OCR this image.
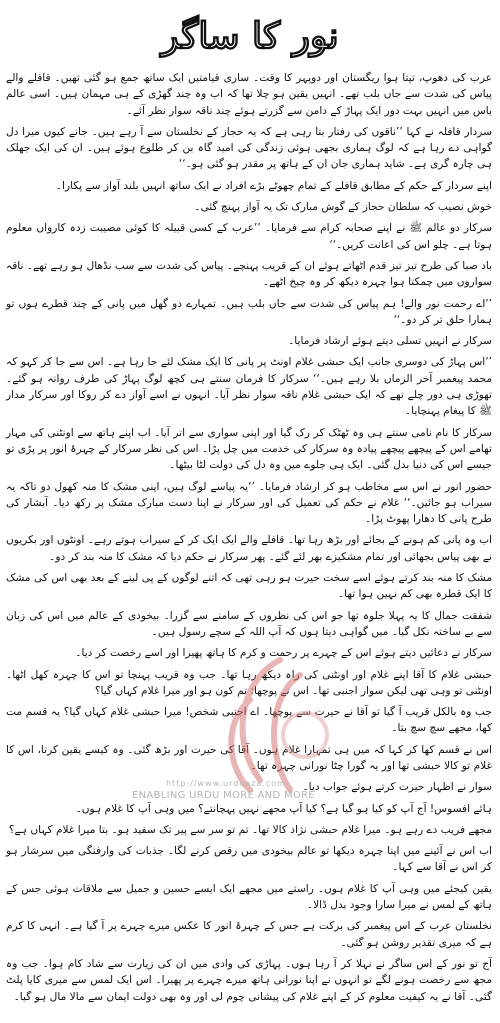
نور کا ساگر

عرب کی دھوپ، تپتا ہوا ریگستان اور دوپہر کا وقت۔ ساری قیامتیں ایک ساتھ جمع ہو گئی تھیں۔ قافلے والے پیاس کی شدت سے جاں بلب تھے۔ انہیں یقین ہو چلا تھا کہ اب وہ چند گھڑی کے ہی مہمان ہیں۔ اسی عالم یاس میں انہیں بہت دور ایک پہاڑ کے دامن سے گزرتے ہوئے چند ناقہ سوار نظر آئے۔

سردار قافلہ نے کہا ’’ناقوں کی رفتار بتا رہی ہے کہ یہ حجاز کے نخلستان سے آ رہے ہیں۔ جانے کیوں میرا دل گواہی دے رہا ہے کہ لوگ ہماری بجھی ہوئی زندگی کی امید گاہ بن کر طلوع ہوئے ہیں۔ ان کی ایک جھلک ہی چارہ گری ہے۔ شاید ہماری جان ان کے ہاتھ پر مقدر ہو گئی ہو۔‘‘

اپنے سردار کے حکم کے مطابق قافلے کے تمام چھوٹے بڑے افراد نے ایک ساتھ انہیں بلند آواز سے پکارا۔

خوش نصیب کہ سلطان حجاز کے گوش مبارک تک یہ آواز پہنچ گئی۔

سرکار دو عالم ﷺ نے اپنے صحابہ کرام سے فرمایا۔ ’’عرب کے کسی قبیلہ کا کوئی مصیبت زدہ کارواں معلوم ہوتا ہے۔ چلو اس کی اعانت کریں۔‘‘

باد صبا کی طرح تیز تیز قدم اٹھاتے ہوئے ان کے قریب پہنچے۔ پیاس کی شدت سے سب نڈھال ہو رہے تھے۔ ناقہ سواروں میں چمکتا ہوا چہرہ دیکھ کر وہ چیخ اٹھے۔

’’اے رحمت نور والے! ہم پیاس کی شدت سے جاں بلب ہیں۔ تمہارے دو گھل میں پانی کے چند قطرے ہوں تو ہمارا حلق تر کر دو۔‘‘

سرکار نے انہیں تسلی دیتے ہوئے ارشاد فرمایا۔

’’اس پہاڑ کی دوسری جانب ایک حبشی غلام اونٹ پر پانی کا ایک مشک لئے جا رہا ہے۔ اس سے جا کر کہو کہ محمد پیغمبر آخر الزماں بلا رہے ہیں۔‘‘ سرکار کا فرمان سنتے ہی کچھ لوگ پہاڑ کی طرف روانہ ہو گئے۔ تھوڑی ہی دور چلے تھے کہ ایک حبشی غلام ناقہ سوار نظر آیا۔ انہوں نے اسے آواز دے کر روکا اور سرکار مدار ﷺ کا پیغام پہنچایا۔

سرکار کا نام نامی سنتے ہی وہ ٹھٹک کر رک گیا اور اپنی سواری سے اتر آیا۔ اب اپنے ہاتھ سے اونٹنی کی مہار تھامے اس کے پیچھے پیچھے پیادہ وہ سرکار کی خدمت میں چل پڑا۔ اس کی نظر سرکار کے چہرۂ انور پر پڑی تو جیسے اس کی دنیا بدل گئی۔ ایک ہی جلوے میں وہ دل کی دولت لٹا بیٹھا۔

حضور انور نے اس سے مخاطب ہو کر ارشاد فرمایا۔ ’’یہ پیاسے لوگ ہیں، اپنی مشک کا منہ کھول دو تاکہ یہ سیراب ہو جائیں۔‘‘ غلام نے حکم کی تعمیل کی اور سرکار نے اپنا دست مبارک مشک پر رکھ دیا۔ آبشار کی طرح پانی کا دھارا پھوٹ پڑا۔

اب وہ پانی کم ہونے کے بجائے اور بڑھ رہا تھا۔ قافلے والے ایک ایک کر کے سیراب ہوتے رہے۔ اونٹوں اور بکریوں نے بھی پیاس بجھائی اور تمام مشکیزے بھر لئے گئے۔ پھر سرکار نے حکم دیا کہ مشک کا منہ بند کر دو۔

مشک کا منہ بند کرتے ہوئے اسے سخت حیرت ہو رہی تھی کہ اتنے لوگوں کے پی لینے کے بعد بھی اس کی مشک کا ایک قطرہ بھی کم نہیں ہوا تھا۔

شفقت جمال کا یہ پہلا جلوہ تھا جو اس کی نظروں کے سامنے سے گزرا۔ بیخودی کے عالم میں اس کی زبان سے بے ساختہ نکل گیا۔ میں گواہی دیتا ہوں کہ آپ اللہ کے سچے رسول ہیں۔

سرکار نے دعائیں دیتے ہوئے اس کے چہرے پر رحمت و کرم کا ہاتھ پھیرا اور اسے رخصت کر دیا۔

حبشی غلام کا آقا اپنے غلام اور اونٹنی کی راہ دیکھ رہا تھا۔ جب وہ قریب پہنچا تو اس کا چہرہ کھل اٹھا۔ اونٹنی تو وہی تھی لیکن سوار اجنبی تھا۔ اس نے پوچھا: تم کون ہو اور میرا غلام کہاں گیا؟

جب وہ بالکل قریب آ گیا تو آقا نے حیرت سے پوچھا۔ اے اجنبی شخص! میرا حبشی غلام کہاں گیا؟ یہ قسم مت کھا، مجھے سچ سچ بتا۔

اس نے قسم کھا کر کہا کہ میں ہی تمہارا غلام ہوں۔ آقا کی حیرت اور بڑھ گئی۔ وہ کیسے یقین کرتا، اس کا غلام تو کالا حبشی تھا اور یہ گورا چٹا نورانی چہرہ تھا۔

سوار نے اظہار حیرت کرتے ہوئے جواب دیا۔

ہائے افسوس! آج آپ کو کیا ہو گیا ہے؟ کیا آپ مجھے نہیں پہچانتے؟ میں وہی آپ کا غلام ہوں۔

مجھے فریب دے رہے ہو۔ میرا غلام حبشی نژاد کالا تھا۔ تم تو سر سے پیر تک سفید ہو۔ بتا میرا غلام کہاں ہے؟

اب اس نے آئینے میں اپنا چہرہ دیکھا تو عالم بیخودی میں رقص کرنے لگا۔ جذبات کی وارفتگی میں سرشار ہو کر اس نے آقا سے کہا۔

یقین کیجئے میں وہی آپ کا غلام ہوں۔ راستے میں مجھے ایک ایسے حسین و جمیل سے ملاقات ہوئی جس کے ہاتھ کے لمس نے میرا سارا وجود بدل ڈالا۔

نخلستان عرب کے اس پیغمبر کی برکت ہے جس کے چہرۂ انور کا عکس میرے چہرے پر آ گیا ہے۔ انہی کا کرم ہے کہ میری تقدیر روشن ہو گئی۔

آج تو نور کے اس ساگر نے نہلا کر آ رہا ہوں۔ پہاڑی کی وادی میں ان کی زیارت سے شاد کام ہوا۔ جب وہ مجھ سے رخصت ہونے لگے تو انہوں نے اپنا نورانی ہاتھ میرے چہرے پر پھیرا۔ اس ایک لمس سے میری کایا پلٹ گئی۔ آقا نے یہ کیفیت معلوم کر کے اپنے غلام کی پیشانی چوم لی اور وہ بھی دولت ایمان سے مالا مال ہو گیا۔

http://www.urduaza.com
ENABLING URDU MORE AND MORE
